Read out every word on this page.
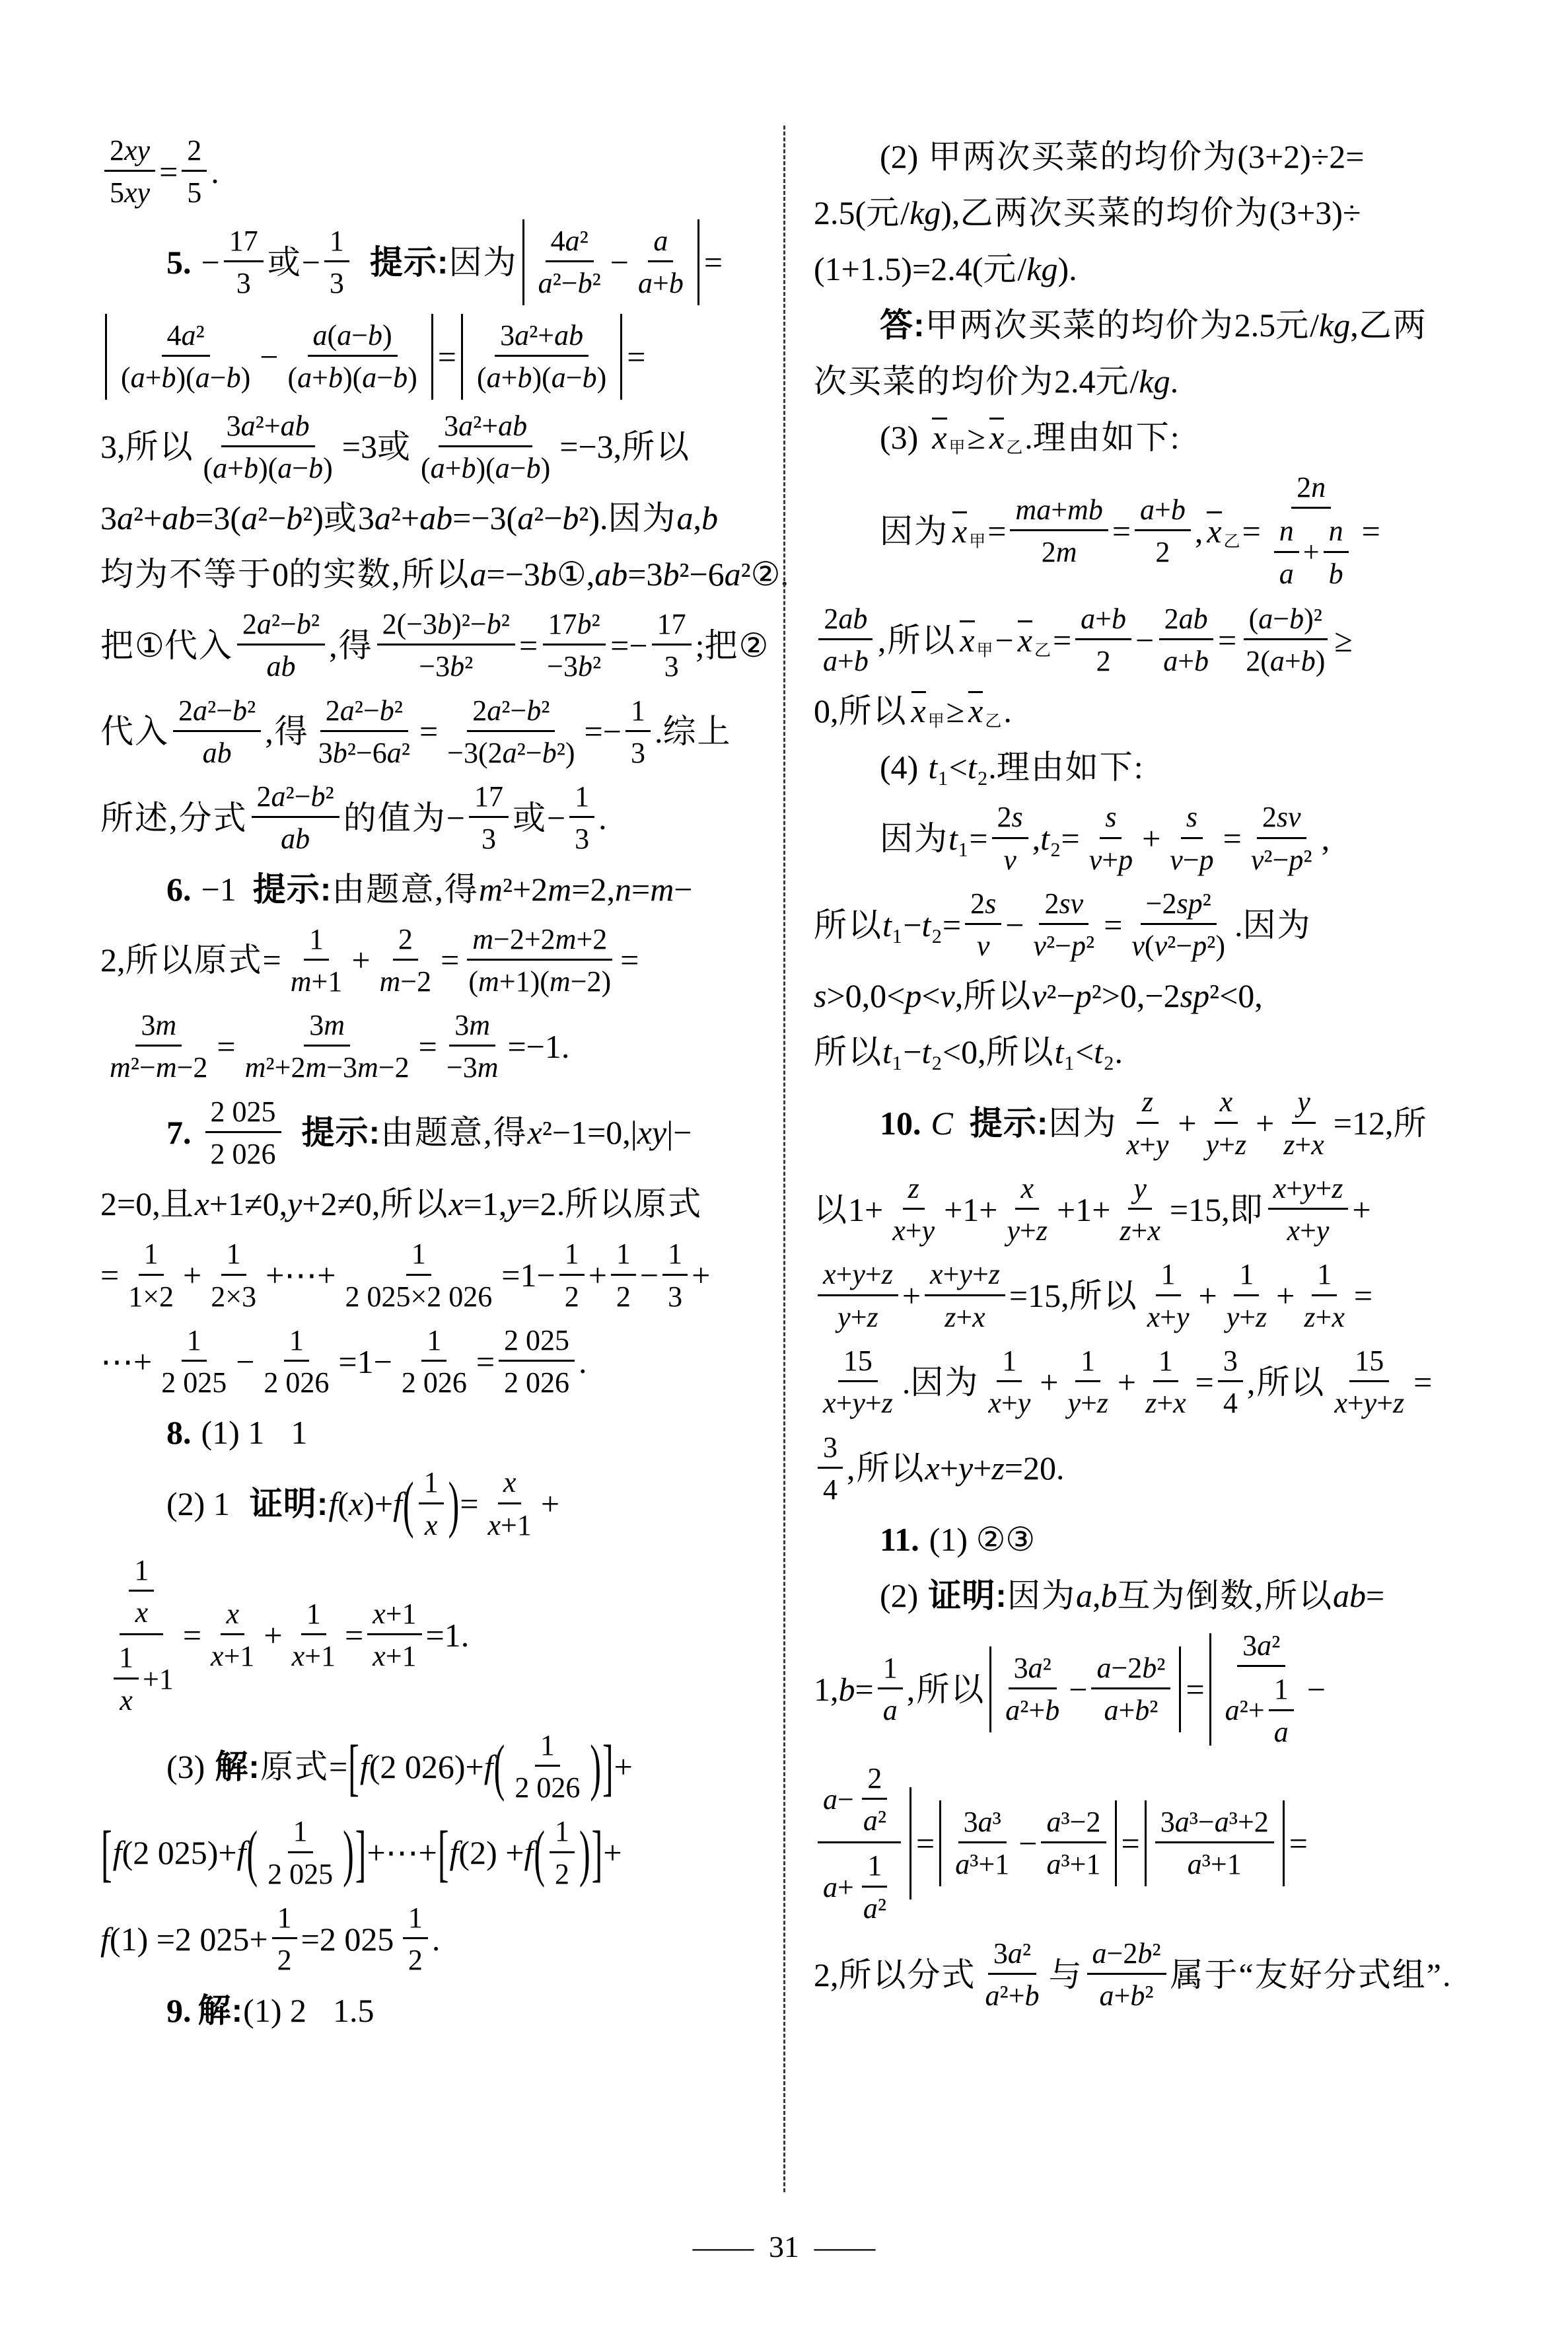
$\frac{2xy}{5xy} = \frac{2}{5}$ .
5. − $\frac{17}{3}$ 或 − $\frac{1}{3}$ 提示: 因为 $\frac{\text{4a²}}{\text{a²−b²}} - \frac{a}{a+b}$ =
$\frac{\text{4a²}}{(a+b)(a-b)} - \frac{a(a-b)}{(a+b)(a-b)} = \frac{\text{3a²+ab}}{(a+b)(a-b)}$ =
3, 所以 $\frac{\text{3a²+ab}}{(a+b)(a-b)} =3$ 或 $\frac{\text{3a²+ab}}{(a+b)(a-b)} =-3$, 所以
3a²+ab=3(a²−b²) 或 3a²+ab=−3(a²−b²). 因为 a,b
均为不等于 0 的实数,所以 a=−3b①,ab=3b²−6a²②.
把 ① 代入 $\frac{\text{2a²−b²}}{ab}$ ,得 $\frac{\text{2(−3b)²−b²}}{\text{−3b²}} = \frac{\text{17b²}}{\text{−3b²}} =- \frac{17}{3}$ ; 把 ②
代入 $\frac{\text{2a²−b²}}{ab}$ ,得 $\frac{\text{2a²−b²}}{\text{3b²−6a²}} = \frac{\text{2a²−b²}}{\text{−3(2a²−b²)}} =- \frac{1}{3}$ . 综上
所述,分式 $\frac{\text{2a²−b²}}{ab}$ 的值为 − $\frac{17}{3}$ 或 − $\frac{1}{3}$ .
6. −1 提示: 由题意,得 m²+2m=2,n=m−
2, 所以原式 = $\frac{1}{m+1} + \frac{2}{m-2} = \frac{m-2+2m+2}{(m+1)(m-2)}$ =
$\frac{3m}{\text{m²−m−2}} = \frac{3m}{\text{m²+2m−3m−2}} = \frac{3m}{-3m} =-1$.
7. $\frac{2 025}{2 026}$ 提示: 由题意,得 x²−1=0,|xy|−
2=0, 且 x+1≠0,y+2≠0, 所以 x=1,y=2. 所以原式
= $\frac{1}{1\times 2} + \frac{1}{2\times 3}$ +⋯+ $\frac{1}{2 025\times 2 026} =1- \frac{1}{2} + \frac{1}{2} - \frac{1}{3}$ +
⋯+ $\frac{1}{2 025} - \frac{1}{2 026} =1- \frac{1}{2 026} = \frac{2 025}{2 026}$ .
8. (1) 1 1
(2) 1 证明: f(x)+f ( $\frac{1}{x}$ ) = $\frac{x}{x+1}$ +
$\frac{\frac{1}{x}}{\frac{1}{x} +1} = \frac{x}{x+1} + \frac{1}{x+1} = \frac{x+1}{x+1} =1$.
(3) 解: 原式 = [ f(2 026)+f ( $\frac{1}{2 026}$ ) ] +
[ f(2 025)+f ( $\frac{1}{2 025}$ ) ] +⋯+ [ f(2) +f ( $\frac{1}{2}$ ) ] +
f(1) =2 $025+ \frac{1}{2} =2$ $025 \frac{1}{2}$ .
9. 解: (1) 2 1.5
(2) 甲两次买菜的均价为 (3+2)÷2=
2.5( 元 /kg), 乙两次买菜的均价为 (3+3)÷
(1+1.5)=2.4( 元 /kg).
答: 甲两次买菜的均价为 2.5 元 /kg, 乙两
次买菜的均价为 2.4 元 /kg.
(3) $x_甲 \ge x_乙$ . 理由如下:
因为 $x_甲 = \frac{ma+mb}{2m} = \frac{a+b}{2}$ , $x_乙 = \frac{2n}{\frac{n}{a} + \frac{n}{b}}$ =
$\frac{2ab}{a+b}$ ,所以 $x_甲 - x_乙 = \frac{a+b}{2} - \frac{2ab}{a+b} = \frac{\text{(a−b)²}}{2(a+b)}$ ≥
0, 所以 $x_甲 \ge x_乙$ .
(4) t₁<t₂. 理由如下:
因为 $t_1= \frac{2s}{v} ,t_2= \frac{s}{v+p} + \frac{s}{v-p} = \frac{2sv}{\text{v²−p²}}$ ,
所以 $t_1-t_2= \frac{2s}{v} - \frac{2sv}{\text{v²−p²}} = \frac{\text{−2sp²}}{\text{v(v²−p²)}}$ . 因为
s>0,0<p<v, 所以 v²−p²>0,−2sp²<0,
所以 t₁−t₂<0, 所以 t₁<t₂.
10. C 提示: 因为 $\frac{z}{x+y} + \frac{x}{y+z} + \frac{y}{z+x} =12$, 所
以 $1+ \frac{z}{x+y} +1+ \frac{x}{y+z} +1+ \frac{y}{z+x} =15$, 即 $\frac{x+y+z}{x+y}$ +
$\frac{x+y+z}{y+z} + \frac{x+y+z}{z+x} =15$, 所以 $\frac{1}{x+y} + \frac{1}{y+z} + \frac{1}{z+x}$ =
$\frac{15}{x+y+z}$ . 因为 $\frac{1}{x+y} + \frac{1}{y+z} + \frac{1}{z+x} = \frac{3}{4}$ ,所以 $\frac{15}{x+y+z}$ =
$\frac{3}{4}$ ,所以 x+y+z=20.
11. (1) ②③
(2) 证明: 因为 a,b 互为倒数,所以 ab=
$1,b= \frac{1}{a}$ ,所以 $\frac{\text{3a²}}{\text{a²+b}} - \frac{\text{a−2b²}}{\text{a+b²}} = \frac{\text{3a²}}{a^2+ \frac{1}{a}}$ −
$\frac{a- \frac{2}{\text{a²}}}{a+ \frac{1}{\text{a²}}} = \frac{\text{3a³}}{\text{a³+1}} - \frac{\text{a³−2}}{\text{a³+1}} = \frac{\text{3a³−a³+2}}{\text{a³+1}}$ =
2, 所以分式 $\frac{\text{3a²}}{\text{a²+b}}$ 与 $\frac{\text{a−2b²}}{\text{a+b²}}$ 属于“友好分式组”.
— 31 —
